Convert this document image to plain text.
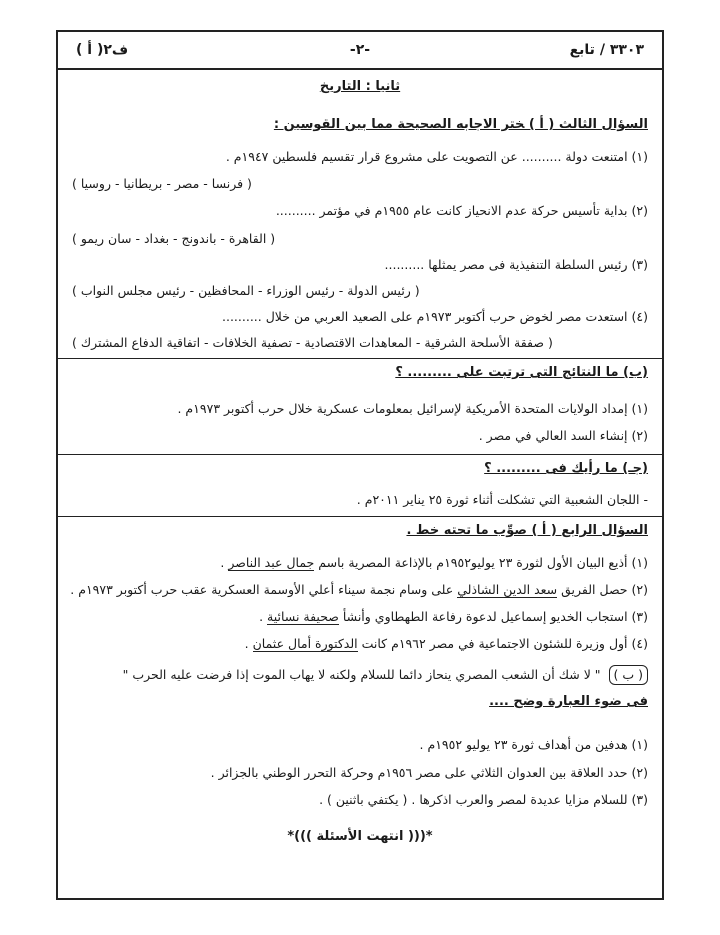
٣٣٠٣ / تابع
-٢-
ف٢( أ )
ثانيا : التاريخ
السؤال الثالث ( أ ) ﺨﺘﺮ الاجابه الصحيحة مما بين القوسين :
(١) امتنعت دولة .......... عن التصويت على مشروع قرار تقسيم فلسطين ١٩٤٧م .
( فرنسا - مصر - بريطانيا - روسيا )
(٢) بداية تأسيس حركة عدم الانحياز كانت عام ١٩٥٥م في مؤتمر ..........
( القاهرة - باندونج - بغداد - سان ريمو )
(٣) رئيس السلطة التنفيذية فى مصر يمثلها ..........
( رئيس الدولة - رئيس الوزراء - المحافظين - رئيس مجلس النواب )
(٤) استعدت مصر لخوض حرب أكتوبر ١٩٧٣م على الصعيد العربي من خلال ..........
( صفقة الأسلحة الشرقية - المعاهدات الاقتصادية - تصفية الخلافات - اتفاقية الدفاع المشترك )
(ب) ما النتائج التى ترتبت على ......... ؟
(١) إمداد الولايات المتحدة الأمريكية لإسرائيل بمعلومات عسكرية خلال حرب أكتوبر ١٩٧٣م .
(٢) إنشاء السد العالي في مصر .
(جـ) ما رأيك فى ......... ؟
- اللجان الشعبية التي تشكلت أثناء ثورة ٢٥ يناير ٢٠١١م .
السؤال الرابع ( أ ) صوِّب ما تحته خط .
(١) أذيع البيان الأول لثورة ٢٣ يوليو١٩٥٢م بالإذاعة المصرية باسم جمال عبد الناصر .
(٢) حصل الفريق سعد الدين الشاذلي على وسام نجمة سيناء أعلي الأوسمة العسكرية عقب حرب أكتوبر ١٩٧٣م .
(٣) استجاب الخديو إسماعيل لدعوة رفاعة الطهطاوي وأنشأ صحيفة نسائية .
(٤) أول وزيرة للشئون الاجتماعية في مصر ١٩٦٢م كانت الدكتورة أمال عثمان .
( ب ) " لا شك أن الشعب المصري ينحاز دائما للسلام ولكنه لا يهاب الموت إذا فرضت عليه الحرب "
فى ضوء العبارة وضح ....
(١) هدفين من أهداف ثورة ٢٣ يوليو ١٩٥٢م .
(٢) حدد العلاقة بين العدوان الثلاثي على مصر ١٩٥٦م وحركة التحرر الوطني بالجزائر .
(٣) للسلام مزايا عديدة لمصر والعرب اذكرها . ( يكتفي باثنين ) .
*((( انتهت الأسئلة )))*
